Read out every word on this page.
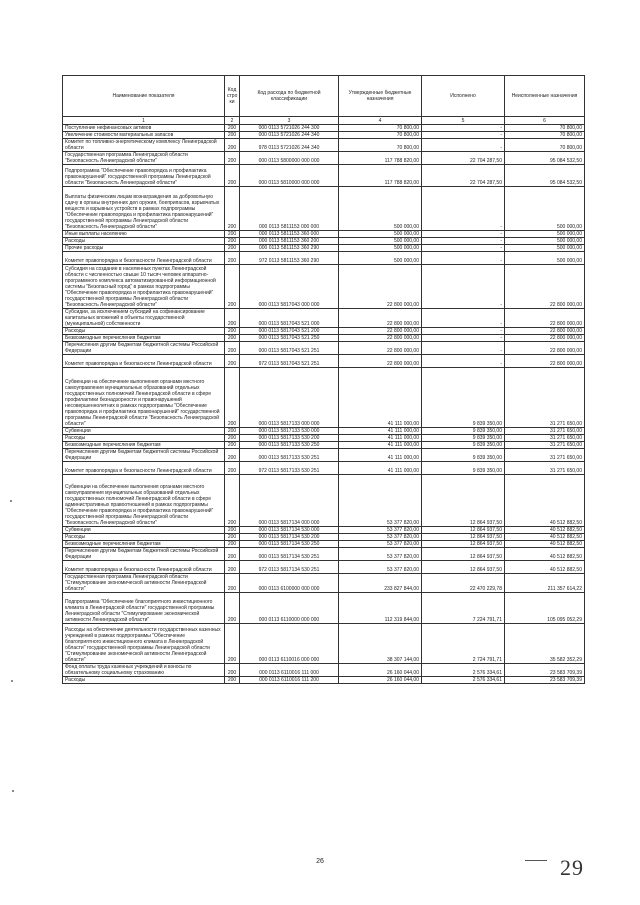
Наименование показателя	Код стро ки	Код расхода по бюджетной классификации	Утвержденные бюджетные назначения	Исполнено	Неисполненные назначения
1	2	3	4	5	6
Поступление нефинансовых активов	200	000 0113 5721026 244 300	70 800,00	-	70 800,00
Увеличение стоимости материальных запасов	200	000 0113 5721026 244 340	70 800,00	-	70 800,00
Комитет по топливно-энергетическому комплексу Ленинградской области	200	978 0113 5721026 244 340	70 800,00	-	70 800,00
Государственная программа Ленинградской области "Безопасность Ленинградской области"	200	000 0113 5800000 000 000	117 788 820,00	22 704 287,50	95 084 532,50
Подпрограмма "Обеспечение правопорядка и профилактика правонарушений" государственной программы Ленинградской области "Безопасность Ленинградской области"	200	000 0113 5810000 000 000	117 788 820,00	22 704 287,50	95 084 532,50
Выплаты физическим лицам вознаграждения за добровольную сдачу в органы внутренних дел оружия, боеприпасов, взрывчатых веществ и взрывных устройств в рамках подпрограммы "Обеспечение правопорядка и профилактика правонарушений" государственной программы Ленинградской области "Безопасность Ленинградской области"	200	000 0113 5811153 000 000	500 000,00	-	500 000,00
Иные выплаты населению	200	000 0113 5811153 360 000	500 000,00	-	500 000,00
Расходы	200	000 0113 5811153 360 200	500 000,00	-	500 000,00
Прочие расходы	200	000 0113 5811153 360 290	500 000,00	-	500 000,00
Комитет правопорядка и безопасности Ленинградской области	200	972 0113 5811153 360 290	500 000,00	-	500 000,00
Субсидия на создание в населенных пунктах Ленинградской области с численностью свыше 10 тысяч человек аппаратно-программного комплекса автоматизированной информационной системы "Безопасный город" в рамках подпрограммы "Обеспечение правопорядка и профилактика правонарушений" государственной программы Ленинградской области "Безопасность Ленинградской области"	200	000 0113 5817043 000 000	22 800 000,00	-	22 800 000,00
Субсидии, за исключением субсидий на софинансирование капитальных вложений в объекты государственной (муниципальной) собственности	200	000 0113 5817043 521 000	22 800 000,00	-	22 800 000,00
Расходы	200	000 0113 5817043 521 200	22 800 000,00	-	22 800 000,00
Безвозмездные перечисления бюджетам	200	000 0113 5817043 521 250	22 800 000,00	-	22 800 000,00
Перечисления другим бюджетам бюджетной системы Российской Федерации	200	000 0113 5817043 521 251	22 800 000,00	-	22 800 000,00
Комитет правопорядка и безопасности Ленинградской области	200	972 0113 5817043 521 251	22 800 000,00	-	22 800 000,00
Субвенции на обеспечение выполнения органами местного самоуправления муниципальных образований отдельных государственных полномочий Ленинградской области в сфере профилактики безнадзорности и правонарушений несовершеннолетних в рамках подпрограммы "Обеспечение правопорядка и профилактика правонарушений" государственной программы Ленинградской области "Безопасность Ленинградской области"	200	000 0113 5817133 000 000	41 111 000,00	9 839 350,00	31 271 650,00
Субвенции	200	000 0113 5817133 530 000	41 111 000,00	9 839 350,00	31 271 650,00
Расходы	200	000 0113 5817133 530 200	41 111 000,00	9 839 350,00	31 271 650,00
Безвозмездные перечисления бюджетам	200	000 0113 5817133 530 250	41 111 000,00	9 839 350,00	31 271 650,00
Перечисления другим бюджетам бюджетной системы Российской Федерации	200	000 0113 5817133 530 251	41 111 000,00	9 839 350,00	31 271 650,00
Комитет правопорядка и безопасности Ленинградской области	200	972 0113 5817133 530 251	41 111 000,00	9 839 350,00	31 271 650,00
Субвенции на обеспечение выполнения органами местного самоуправления муниципальных образований отдельных государственных полномочий Ленинградской области в сфере административных правоотношений в рамках подпрограммы "Обеспечение правопорядка и профилактика правонарушений" государственной программы Ленинградской области "Безопасность Ленинградской области"	200	000 0113 5817134 000 000	53 377 820,00	12 864 937,50	40 512 882,50
Субвенции	200	000 0113 5817134 530 000	53 377 820,00	12 864 937,50	40 512 882,50
Расходы	200	000 0113 5817134 530 200	53 377 820,00	12 864 937,50	40 512 882,50
Безвозмездные перечисления бюджетам	200	000 0113 5817134 530 250	53 377 820,00	12 864 937,50	40 512 882,50
Перечисления другим бюджетам бюджетной системы Российской Федерации	200	000 0113 5817134 530 251	53 377 820,00	12 864 937,50	40 512 882,50
Комитет правопорядка и безопасности Ленинградской области	200	972 0113 5817134 530 251	53 377 820,00	12 864 937,50	40 512 882,50
Государственная программа Ленинградской области "Стимулирование экономической активности Ленинградской области"	200	000 0113 6100000 000 000	233 827 844,00	22 470 229,78	211 357 614,22
Подпрограмма "Обеспечение благоприятного инвестиционного климата в Ленинградской области" государственной программы Ленинградской области "Стимулирование экономической активности Ленинградской области"	200	000 0113 6110000 000 000	112 319 844,00	7 224 791,71	105 095 052,29
Расходы на обеспечение деятельности государственных казенных учреждений в рамках подпрограммы "Обеспечение благоприятного инвестиционного климата в Ленинградской области" государственной программы Ленинградской области "Стимулирование экономической активности Ленинградской области"	200	000 0113 6110016 000 000	38 307 144,00	2 724 791,71	35 582 352,29
Фонд оплаты труда казенных учреждений и взносы по обязательному социальному страхованию	200	000 0113 6110016 111 000	26 160 044,00	2 576 334,61	23 583 709,39
Расходы	200	000 0113 6110016 111 200	26 160 044,00	2 576 334,61	23 583 709,39
26	29
